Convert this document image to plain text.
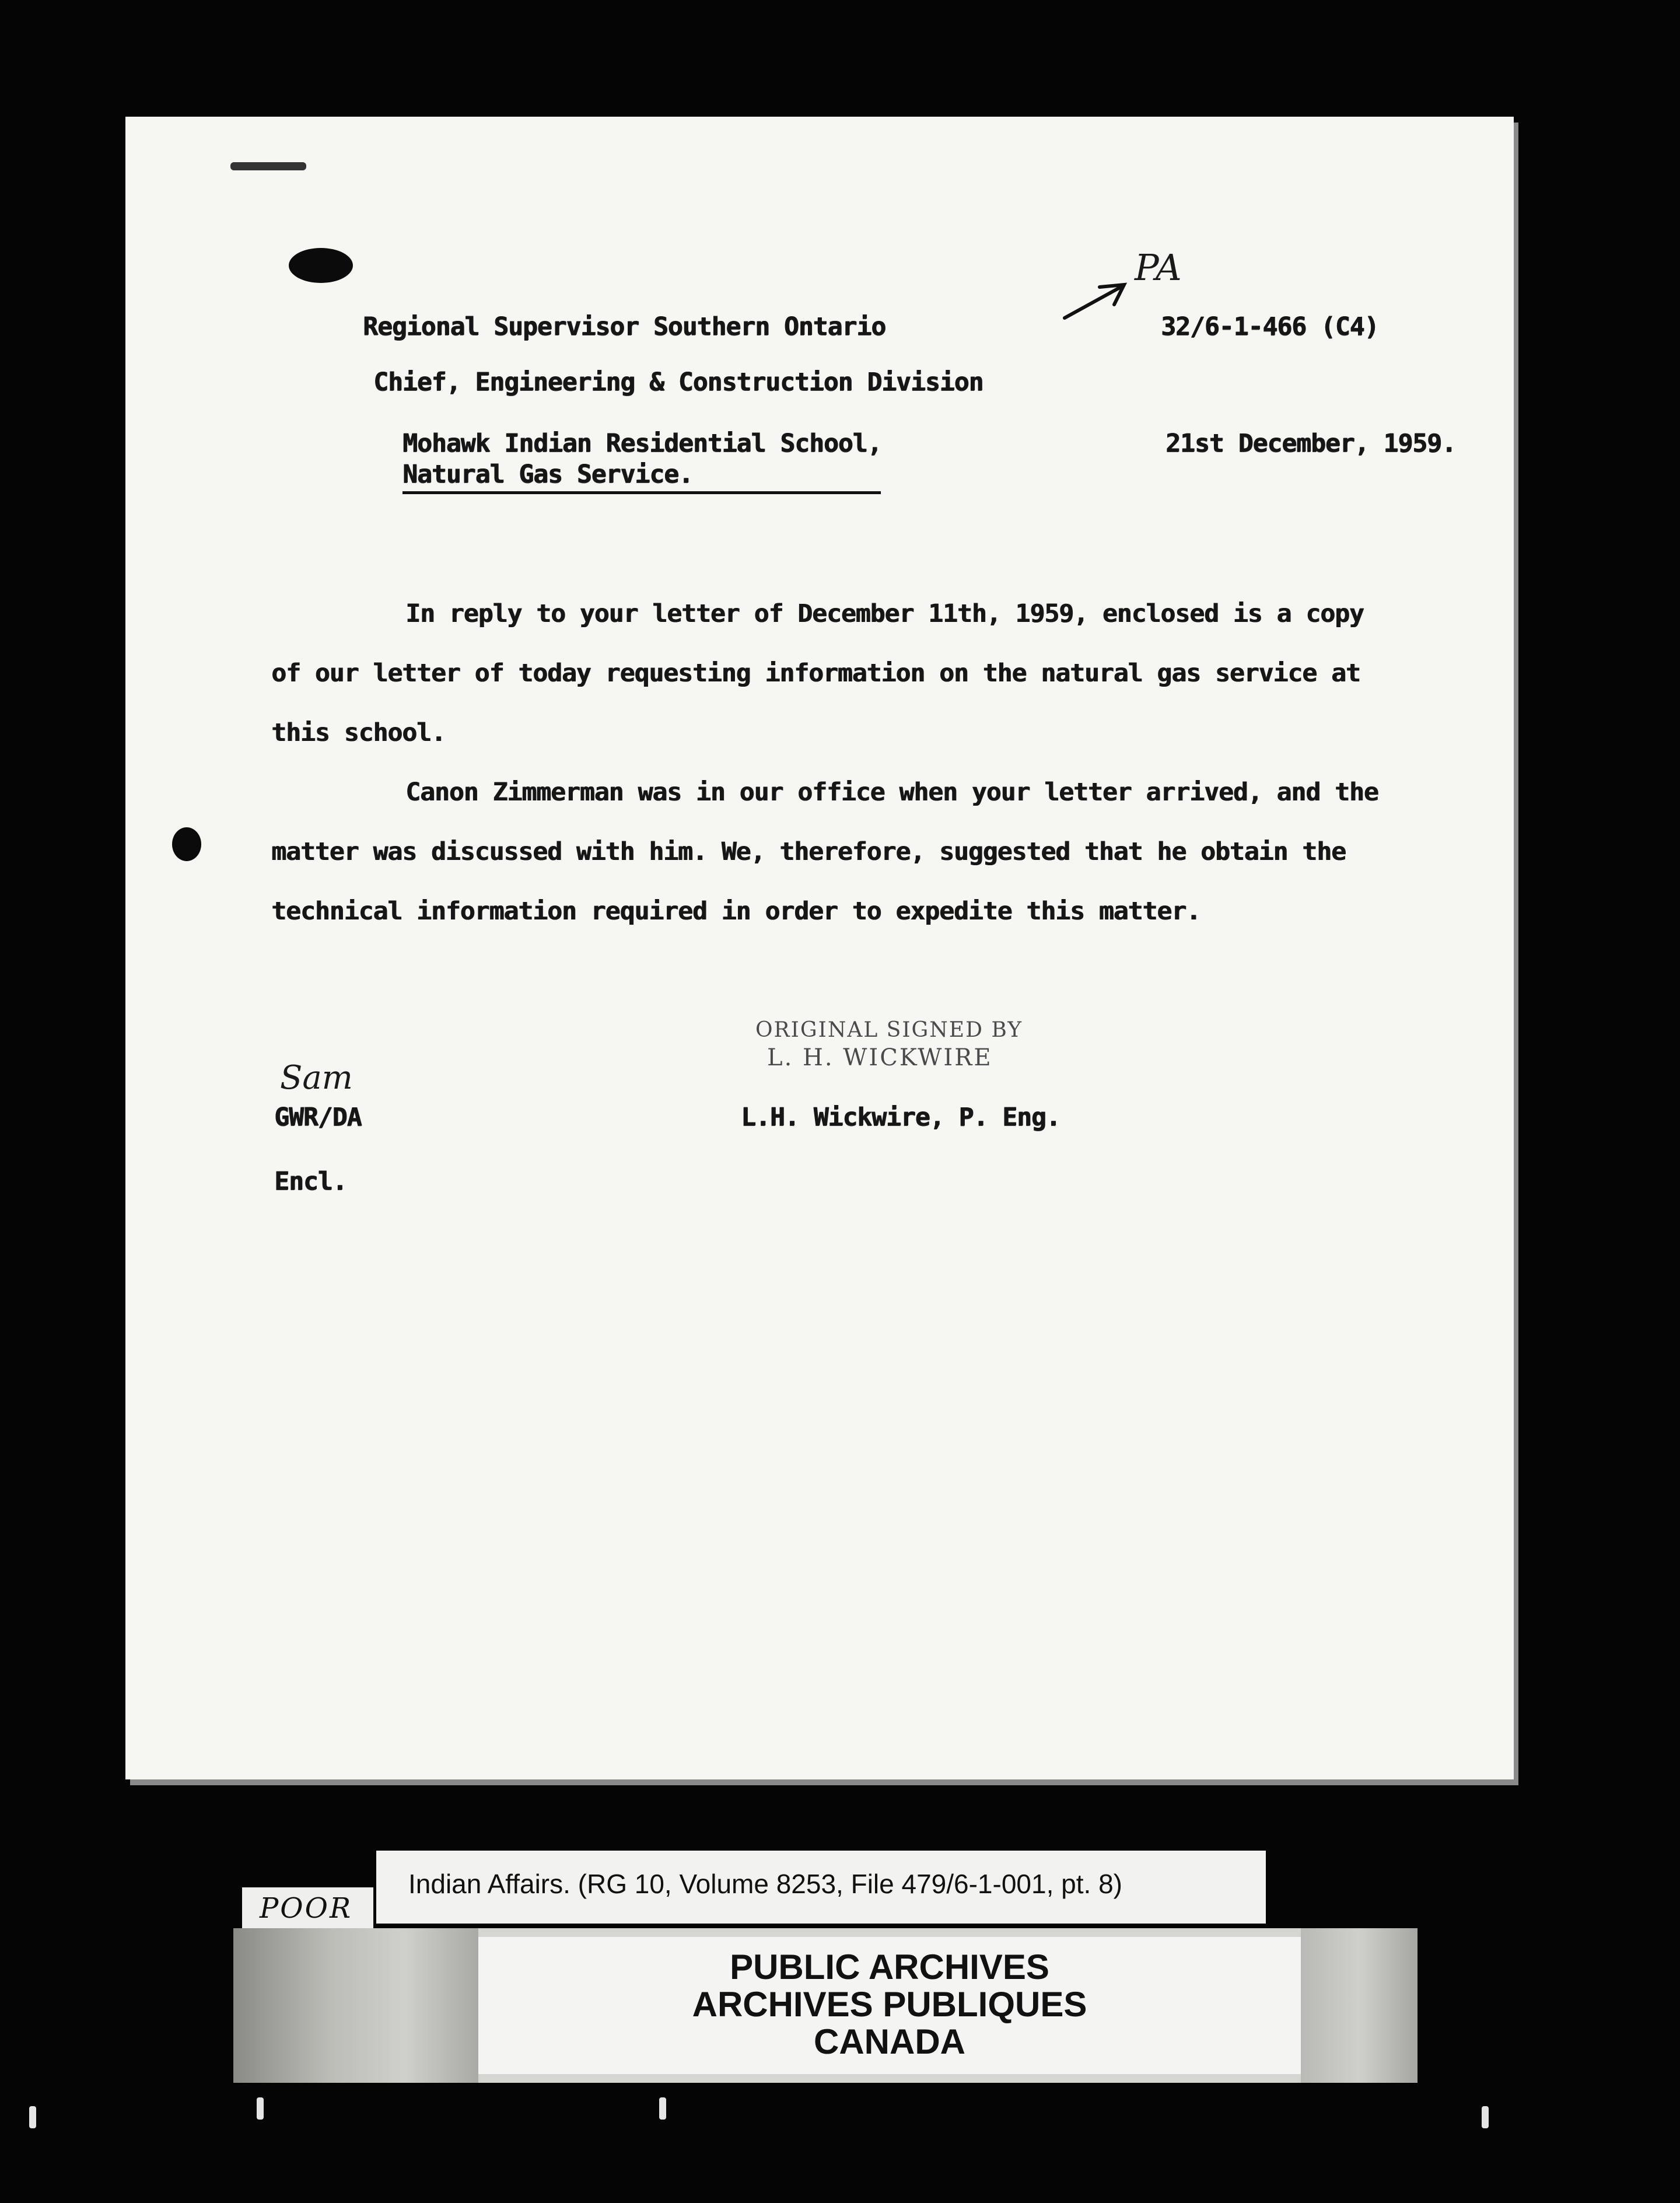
Regional Supervisor Southern Ontario
Chief, Engineering & Construction Division
PA
32/6-1-466 (C4)
Mohawk Indian Residential School,
Natural Gas Service.
21st December, 1959.
In reply to your letter of December 11th, 1959, enclosed is a copy
of our letter of today requesting information on the natural gas service at
this school.
Canon Zimmerman was in our office when your letter arrived, and the
matter was discussed with him. We, therefore, suggested that he obtain the
technical information required in order to expedite this matter.
ORIGINAL SIGNED BY
L. H. WICKWIRE
Sam
GWR/DA	L.H. Wickwire, P. Eng.
Encl.
Indian Affairs. (RG 10, Volume 8253, File 479/6-1-001, pt. 8)
POOR
PUBLIC ARCHIVES
ARCHIVES PUBLIQUES
CANADA
